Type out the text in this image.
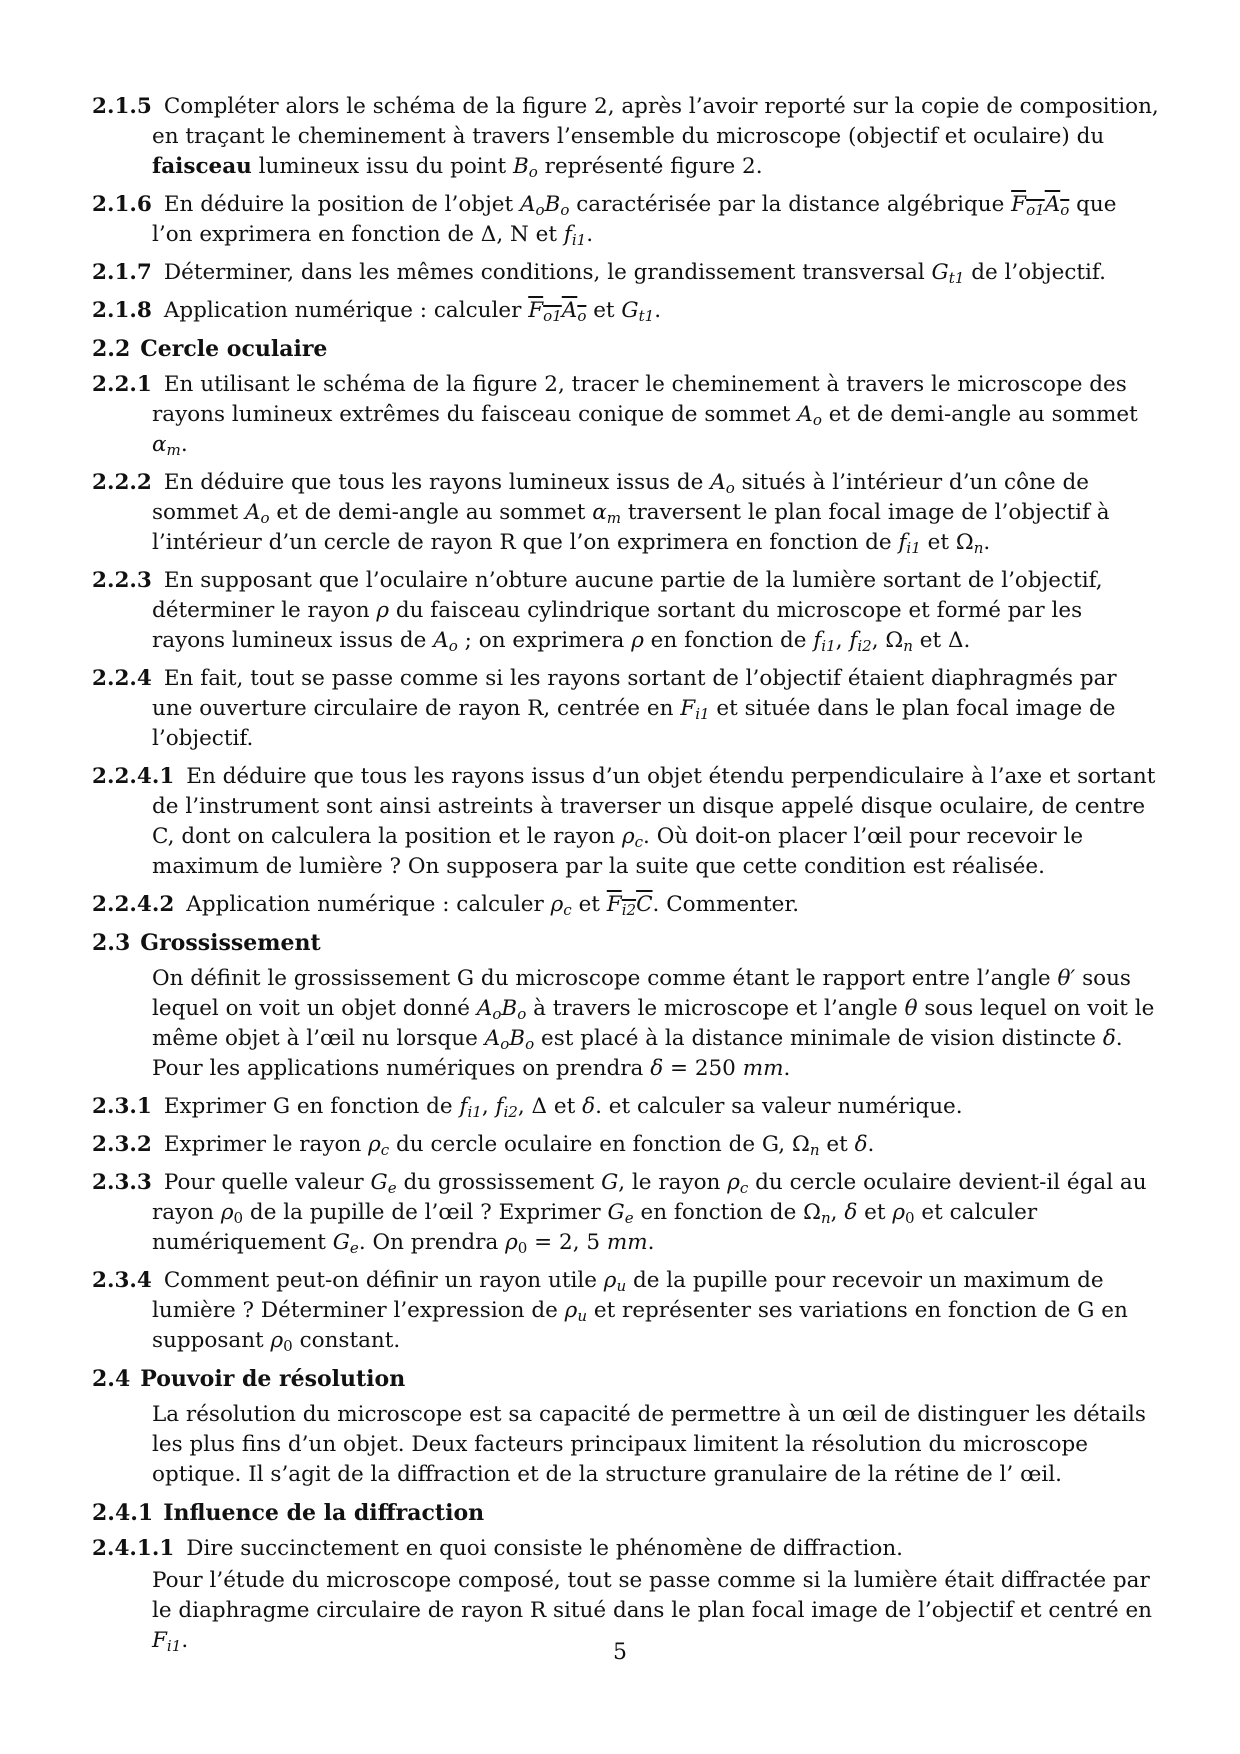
2.1.5 Compléter alors le schéma de la figure 2, après l’avoir reporté sur la copie de composition, en traçant le cheminement à travers l’ensemble du microscope (objectif et oculaire) du faisceau lumineux issu du point $B_o$ représenté figure 2.
2.1.6 En déduire la position de l’objet $A_oB_o$ caractérisée par la distance algébrique $F_{o1}A_o$ que l’on exprimera en fonction de Δ, N et $f_{i1}$.
2.1.7 Déterminer, dans les mêmes conditions, le grandissement transversal $G_{t1}$ de l’objectif.
2.1.8 Application numérique : calculer $F_{o1}A_o$ et $G_{t1}$.
2.2 Cercle oculaire
2.2.1 En utilisant le schéma de la figure 2, tracer le cheminement à travers le microscope des rayons lumineux extrêmes du faisceau conique de sommet $A_o$ et de demi-angle au sommet $\alpha_m$.
2.2.2 En déduire que tous les rayons lumineux issus de $A_o$ situés à l’intérieur d’un cône de sommet $A_o$ et de demi-angle au sommet $\alpha_m$ traversent le plan focal image de l’objectif à l’intérieur d’un cercle de rayon R que l’on exprimera en fonction de $f_{i1}$ et $\Omega_n$.
2.2.3 En supposant que l’oculaire n’obture aucune partie de la lumière sortant de l’objectif, déterminer le rayon ρ du faisceau cylindrique sortant du microscope et formé par les rayons lumineux issus de $A_o$ ; on exprimera ρ en fonction de $f_{i1}$, $f_{i2}$, $\Omega_n$ et Δ.
2.2.4 En fait, tout se passe comme si les rayons sortant de l’objectif étaient diaphragmés par une ouverture circulaire de rayon R, centrée en $F_{i1}$ et située dans le plan focal image de l’objectif.
2.2.4.1 En déduire que tous les rayons issus d’un objet étendu perpendiculaire à l’axe et sortant de l’instrument sont ainsi astreints à traverser un disque appelé disque oculaire, de centre C, dont on calculera la position et le rayon $\rho_c$. Où doit-on placer l’œil pour recevoir le maximum de lumière ? On supposera par la suite que cette condition est réalisée.
2.2.4.2 Application numérique : calculer $\rho_c$ et $F_{i2}C$. Commenter.
2.3 Grossissement
On définit le grossissement G du microscope comme étant le rapport entre l’angle θ′ sous lequel on voit un objet donné $A_oB_o$ à travers le microscope et l’angle θ sous lequel on voit le même objet à l’œil nu lorsque $A_oB_o$ est placé à la distance minimale de vision distincte δ. Pour les applications numériques on prendra δ = 250 mm.
2.3.1 Exprimer G en fonction de $f_{i1}$, $f_{i2}$, Δ et δ. et calculer sa valeur numérique.
2.3.2 Exprimer le rayon $\rho_c$ du cercle oculaire en fonction de G, $\Omega_n$ et δ.
2.3.3 Pour quelle valeur $G_e$ du grossissement G, le rayon $\rho_c$ du cercle oculaire devient-il égal au rayon $\rho_0$ de la pupille de l’œil ? Exprimer $G_e$ en fonction de $\Omega_n$, δ et $\rho_0$ et calculer numériquement $G_e$. On prendra $\rho_0 = 2$, 5 mm.
2.3.4 Comment peut-on définir un rayon utile $\rho_u$ de la pupille pour recevoir un maximum de lumière ? Déterminer l’expression de $\rho_u$ et représenter ses variations en fonction de G en supposant $\rho_0$ constant.
2.4 Pouvoir de résolution
La résolution du microscope est sa capacité de permettre à un œil de distinguer les détails les plus fins d’un objet. Deux facteurs principaux limitent la résolution du microscope optique. Il s’agit de la diffraction et de la structure granulaire de la rétine de l’ œil.
2.4.1 Influence de la diffraction
2.4.1.1 Dire succinctement en quoi consiste le phénomène de diffraction.
Pour l’étude du microscope composé, tout se passe comme si la lumière était diffractée par le diaphragme circulaire de rayon R situé dans le plan focal image de l’objectif et centré en $F_{i1}$.	5
